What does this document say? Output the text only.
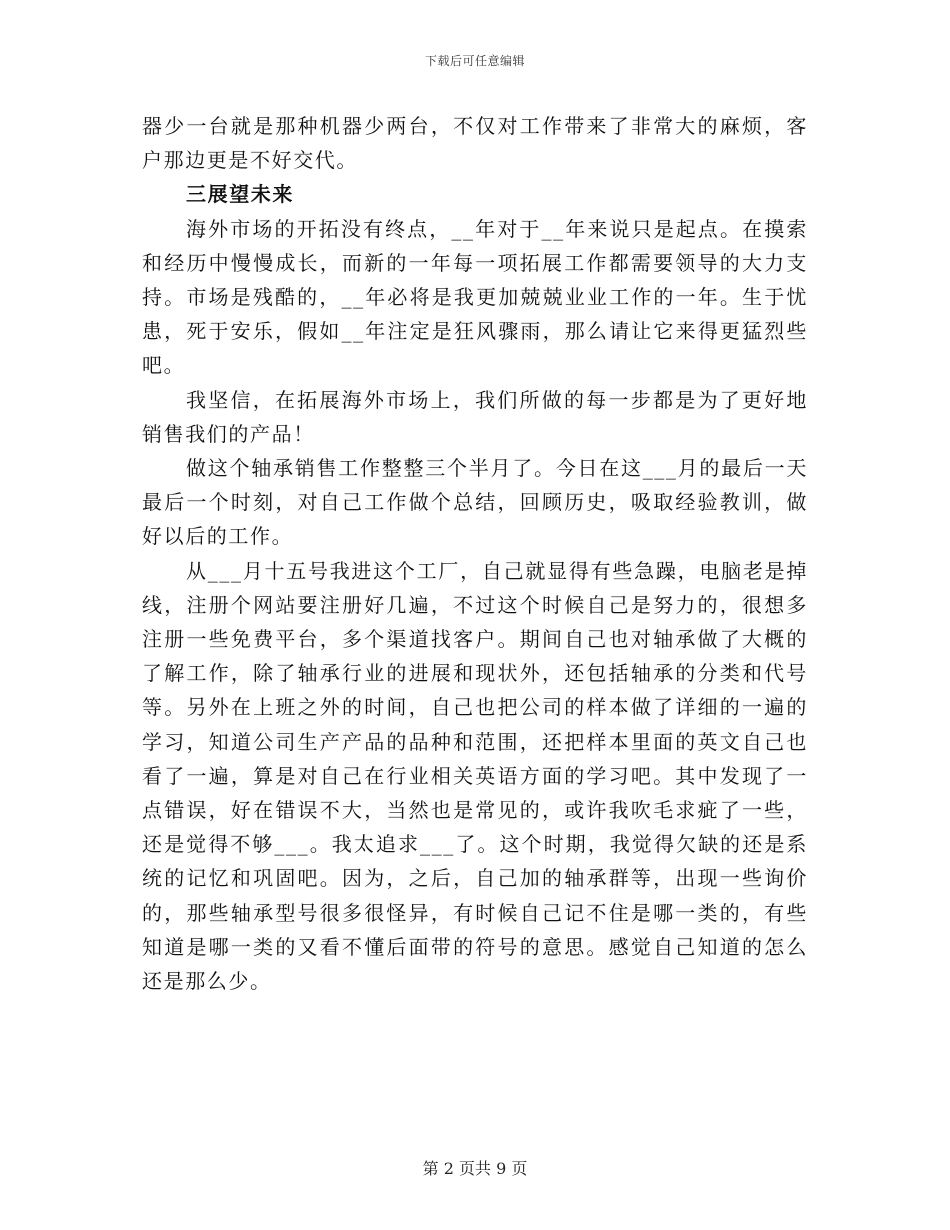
下载后可任意编辑

器少一台就是那种机器少两台，不仅对工作带来了非常大的麻烦，客户那边更是不好交代。

三展望未来

海外市场的开拓没有终点，__年对于__年来说只是起点。在摸索和经历中慢慢成长，而新的一年每一项拓展工作都需要领导的大力支持。市场是残酷的，__年必将是我更加兢兢业业工作的一年。生于忧患，死于安乐，假如__年注定是狂风骤雨，那么请让它来得更猛烈些吧。

我坚信，在拓展海外市场上，我们所做的每一步都是为了更好地销售我们的产品！

做这个轴承销售工作整整三个半月了。今日在这___月的最后一天最后一个时刻，对自己工作做个总结，回顾历史，吸取经验教训，做好以后的工作。

从___月十五号我进这个工厂，自己就显得有些急躁，电脑老是掉线，注册个网站要注册好几遍，不过这个时候自己是努力的，很想多注册一些免费平台，多个渠道找客户。期间自己也对轴承做了大概的了解工作，除了轴承行业的进展和现状外，还包括轴承的分类和代号等。另外在上班之外的时间，自己也把公司的样本做了详细的一遍的学习，知道公司生产产品的品种和范围，还把样本里面的英文自己也看了一遍，算是对自己在行业相关英语方面的学习吧。其中发现了一点错误，好在错误不大，当然也是常见的，或许我吹毛求疵了一些，还是觉得不够___。我太追求___了。这个时期，我觉得欠缺的还是系统的记忆和巩固吧。因为，之后，自己加的轴承群等，出现一些询价的，那些轴承型号很多很怪异，有时候自己记不住是哪一类的，有些知道是哪一类的又看不懂后面带的符号的意思。感觉自己知道的怎么还是那么少。

第 2 页共 9 页
